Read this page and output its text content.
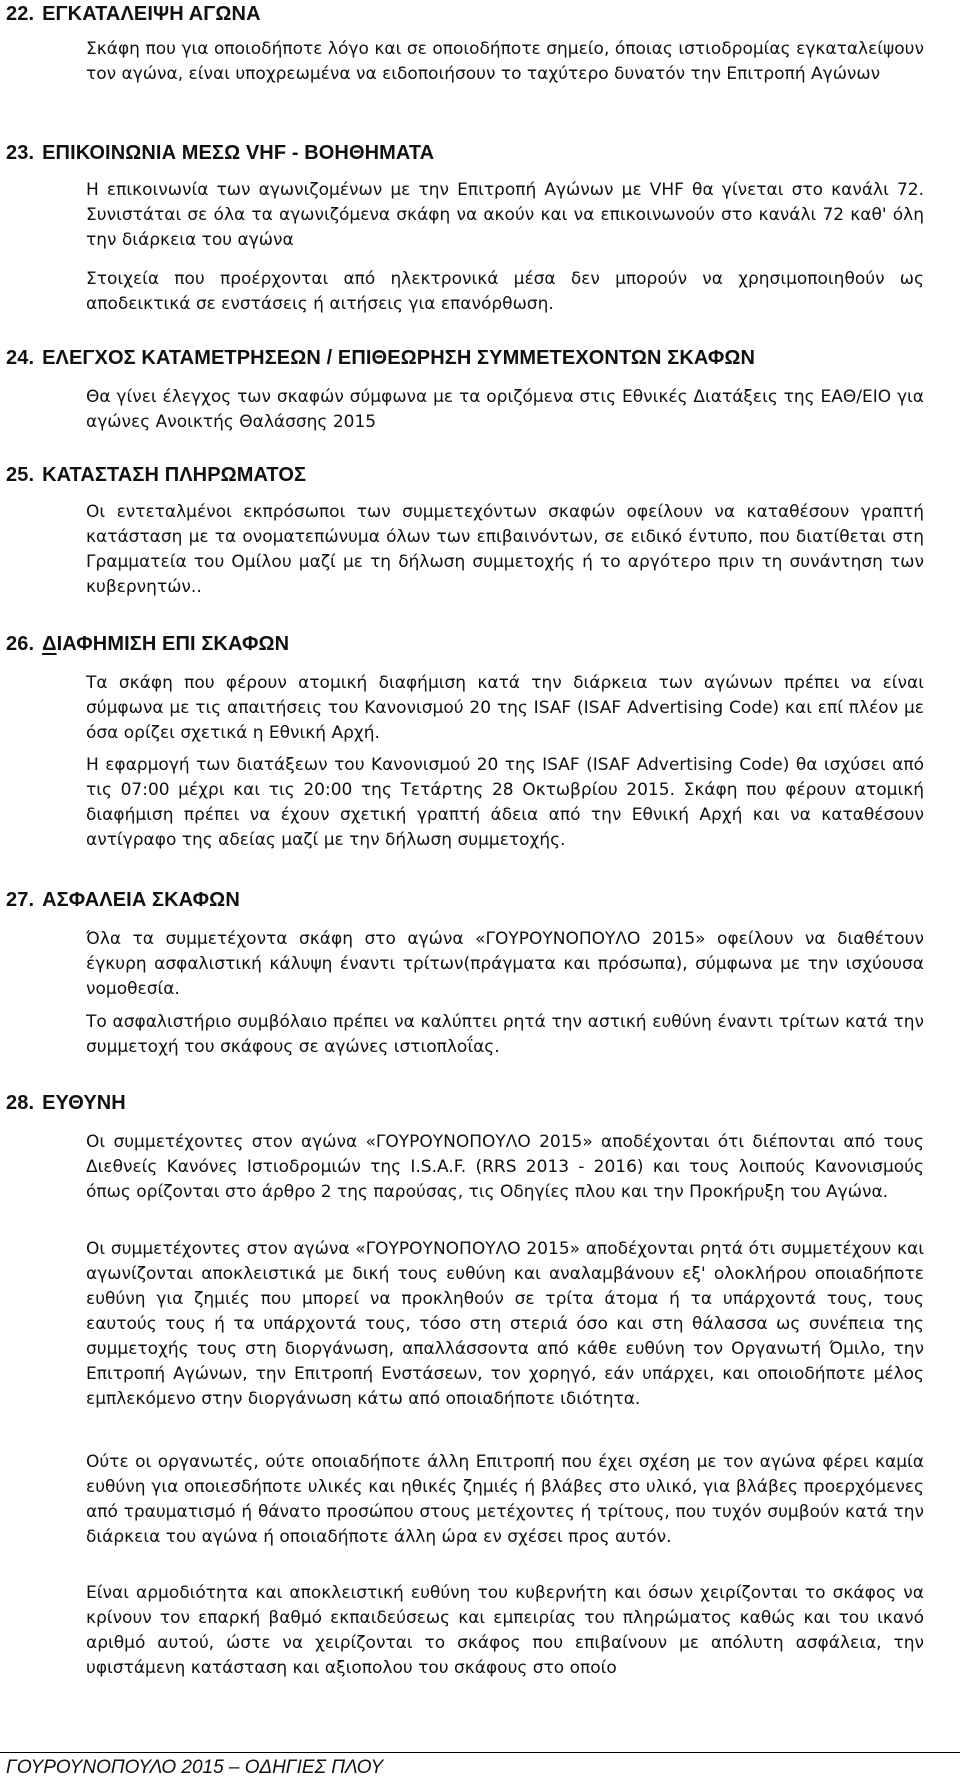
22. ΕΓΚΑΤΑΛΕΙΨΗ ΑΓΩΝΑ

Σκάφη που για οποιοδήποτε λόγο και σε οποιοδήποτε σημείο, όποιας ιστιοδρομίας εγκαταλείψουν τον αγώνα, είναι υποχρεωμένα να ειδοποιήσουν το ταχύτερο δυνατόν την Επιτροπή Αγώνων

23. ΕΠΙΚΟΙΝΩΝΙΑ ΜΕΣΩ VHF - ΒΟΗΘΗΜΑΤΑ

Η επικοινωνία των αγωνιζομένων με την Επιτροπή Αγώνων με VHF θα γίνεται στο κανάλι 72. Συνιστάται σε όλα τα αγωνιζόμενα σκάφη να ακούν και να επικοινωνούν στο κανάλι 72 καθ' όλη την διάρκεια του αγώνα

Στοιχεία που προέρχονται από ηλεκτρονικά μέσα δεν μπορούν να χρησιμοποιηθούν ως αποδεικτικά σε ενστάσεις ή αιτήσεις για επανόρθωση.

24. ΕΛΕΓΧΟΣ ΚΑΤΑΜΕΤΡΗΣΕΩΝ / ΕΠΙΘΕΩΡΗΣΗ ΣΥΜΜΕΤΕΧΟΝΤΩΝ ΣΚΑΦΩΝ

Θα γίνει έλεγχος των σκαφών σύμφωνα με τα οριζόμενα στις Εθνικές Διατάξεις της ΕΑΘ/ΕΙΟ για αγώνες Ανοικτής Θαλάσσης 2015

25. ΚΑΤΑΣΤΑΣΗ ΠΛΗΡΩΜΑΤΟΣ

Οι εντεταλμένοι εκπρόσωποι των συμμετεχόντων σκαφών οφείλουν να καταθέσουν γραπτή κατάσταση με τα ονοματεπώνυμα όλων των επιβαινόντων, σε ειδικό έντυπο, που διατίθεται στη Γραμματεία του Ομίλου μαζί με τη δήλωση συμμετοχής ή το αργότερο πριν τη συνάντηση των κυβερνητών..

26. ΔΙΑΦΗΜΙΣΗ ΕΠΙ ΣΚΑΦΩΝ

Τα σκάφη που φέρουν ατομική διαφήμιση κατά την διάρκεια των αγώνων πρέπει να είναι σύμφωνα με τις απαιτήσεις του Κανονισμού 20 της ISAF (ISAF Advertising Code) και επί πλέον με όσα ορίζει σχετικά η Εθνική Αρχή.

Η εφαρμογή των διατάξεων του Κανονισμού 20 της ISAF (ISAF Advertising Code) θα ισχύσει από τις 07:00 μέχρι και τις 20:00 της Τετάρτης 28 Οκτωβρίου 2015. Σκάφη που φέρουν ατομική διαφήμιση πρέπει να έχουν σχετική γραπτή άδεια από την Εθνική Αρχή και να καταθέσουν αντίγραφο της αδείας μαζί με την δήλωση συμμετοχής.

27. ΑΣΦΑΛΕΙΑ ΣΚΑΦΩΝ

Όλα τα συμμετέχοντα σκάφη στο αγώνα «ΓΟΥΡΟΥΝΟΠΟΥΛΟ 2015» οφείλουν να διαθέτουν έγκυρη ασφαλιστική κάλυψη έναντι τρίτων(πράγματα και πρόσωπα), σύμφωνα με την ισχύουσα νομοθεσία.

Το ασφαλιστήριο συμβόλαιο πρέπει να καλύπτει ρητά την αστική ευθύνη έναντι τρίτων κατά την συμμετοχή του σκάφους σε αγώνες ιστιοπλοΐας.

28. ΕΥΘΥΝΗ

Οι συμμετέχοντες στον αγώνα «ΓΟΥΡΟΥΝΟΠΟΥΛΟ 2015» αποδέχονται ότι διέπονται από τους Διεθνείς Κανόνες Ιστιοδρομιών της I.S.A.F. (RRS 2013 - 2016) και τους λοιπούς Κανονισμούς όπως ορίζονται στο άρθρο 2 της παρούσας, τις Οδηγίες πλου και την Προκήρυξη του Αγώνα.

Οι συμμετέχοντες στον αγώνα «ΓΟΥΡΟΥΝΟΠΟΥΛΟ 2015» αποδέχονται ρητά ότι συμμετέχουν και αγωνίζονται αποκλειστικά με δική τους ευθύνη και αναλαμβάνουν εξ' ολοκλήρου οποιαδήποτε ευθύνη για ζημιές που μπορεί να προκληθούν σε τρίτα άτομα ή τα υπάρχοντά τους, τους εαυτούς τους ή τα υπάρχοντά τους, τόσο στη στεριά όσο και στη θάλασσα ως συνέπεια της συμμετοχής τους στη διοργάνωση, απαλλάσσοντα από κάθε ευθύνη τον Οργανωτή Όμιλο, την Επιτροπή Αγώνων, την Επιτροπή Ενστάσεων, τον χορηγό, εάν υπάρχει, και οποιοδήποτε μέλος εμπλεκόμενο στην διοργάνωση κάτω από οποιαδήποτε ιδιότητα.

Ούτε οι οργανωτές, ούτε οποιαδήποτε άλλη Επιτροπή που έχει σχέση με τον αγώνα φέρει καμία ευθύνη για οποιεσδήποτε υλικές και ηθικές ζημιές ή βλάβες στο υλικό, για βλάβες προερχόμενες από τραυματισμό ή θάνατο προσώπου στους μετέχοντες ή τρίτους, που τυχόν συμβούν κατά την διάρκεια του αγώνα ή οποιαδήποτε άλλη ώρα εν σχέσει προς αυτόν.

Είναι αρμοδιότητα και αποκλειστική ευθύνη του κυβερνήτη και όσων χειρίζονται το σκάφος να κρίνουν τον επαρκή βαθμό εκπαιδεύσεως και εμπειρίας του πληρώματος καθώς και του ικανό αριθμό αυτού, ώστε να χειρίζονται το σκάφος που επιβαίνουν με απόλυτη ασφάλεια, την υφιστάμενη κατάσταση και αξιοπολου του σκάφους στο οποίο

ΓΟΥΡΟΥΝΟΠΟΥΛΟ 2015 – ΟΔΗΓΙΕΣ ΠΛΟΥ
